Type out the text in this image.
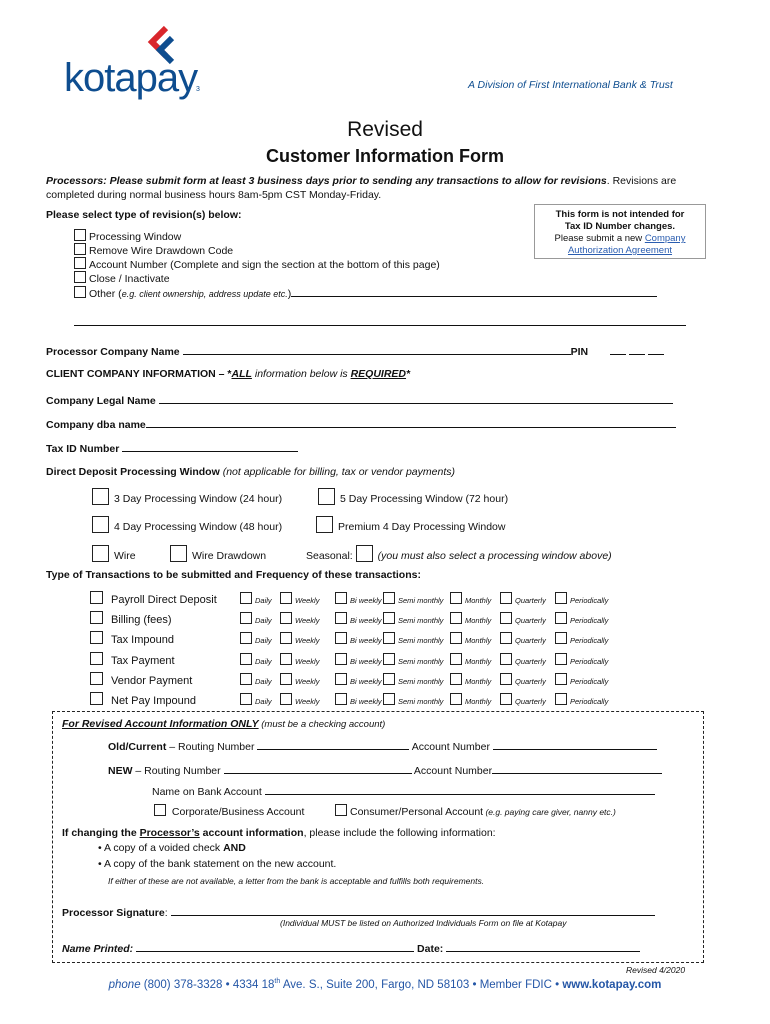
kotapay
3	A Division of First International Bank & Trust
Revised
Customer Information Form
Processors: Please submit form at least 3 business days prior to sending any transactions to allow for revisions. Revisions are
completed during normal business hours 8am-5pm CST Monday-Friday.
Please select type of revision(s) below:
Processing Window
Remove Wire Drawdown Code
Account Number (Complete and sign the section at the bottom of this page)
Close / Inactivate
Other (e.g. client ownership, address update etc.)
This form is not intended for
Tax ID Number changes.
Please submit a new Company
Authorization Agreement
Processor Company Name	PIN
CLIENT COMPANY INFORMATION – *ALL information below is REQUIRED*
Company Legal Name
Company dba name
Tax ID Number
Direct Deposit Processing Window (not applicable for billing, tax or vendor payments)
3 Day Processing Window (24 hour)	5 Day Processing Window (72 hour)
4 Day Processing Window (48 hour)	Premium 4 Day Processing Window
Wire	Wire Drawdown	Seasonal: (you must also select a processing window above)
Type of Transactions to be submitted and Frequency of these transactions:
Payroll Direct Deposit	Daily	Weekly	Bi weekly	Semi monthly	Monthly	Quarterly	Periodically
Billing (fees)	Daily	Weekly	Bi weekly	Semi monthly	Monthly	Quarterly	Periodically
Tax Impound	Daily	Weekly	Bi weekly	Semi monthly	Monthly	Quarterly	Periodically
Tax Payment	Daily	Weekly	Bi weekly	Semi monthly	Monthly	Quarterly	Periodically
Vendor Payment	Daily	Weekly	Bi weekly	Semi monthly	Monthly	Quarterly	Periodically
Net Pay Impound	Daily	Weekly	Bi weekly	Semi monthly	Monthly	Quarterly	Periodically
For Revised Account Information ONLY (must be a checking account)
Old/Current – Routing Number	Account Number
NEW – Routing Number	Account Number
Name on Bank Account
Corporate/Business Account	Consumer/Personal Account (e.g. paying care giver, nanny etc.)
If changing the Processor’s account information, please include the following information:
• A copy of a voided check AND
• A copy of the bank statement on the new account.
If either of these are not available, a letter from the bank is acceptable and fulfills both requirements.
Processor Signature:
(Individual MUST be listed on Authorized Individuals Form on file at Kotapay
Name Printed:	Date:
Revised 4/2020
phone (800) 378-3328 • 4334 18th Ave. S., Suite 200, Fargo, ND 58103 • Member FDIC • www.kotapay.com
